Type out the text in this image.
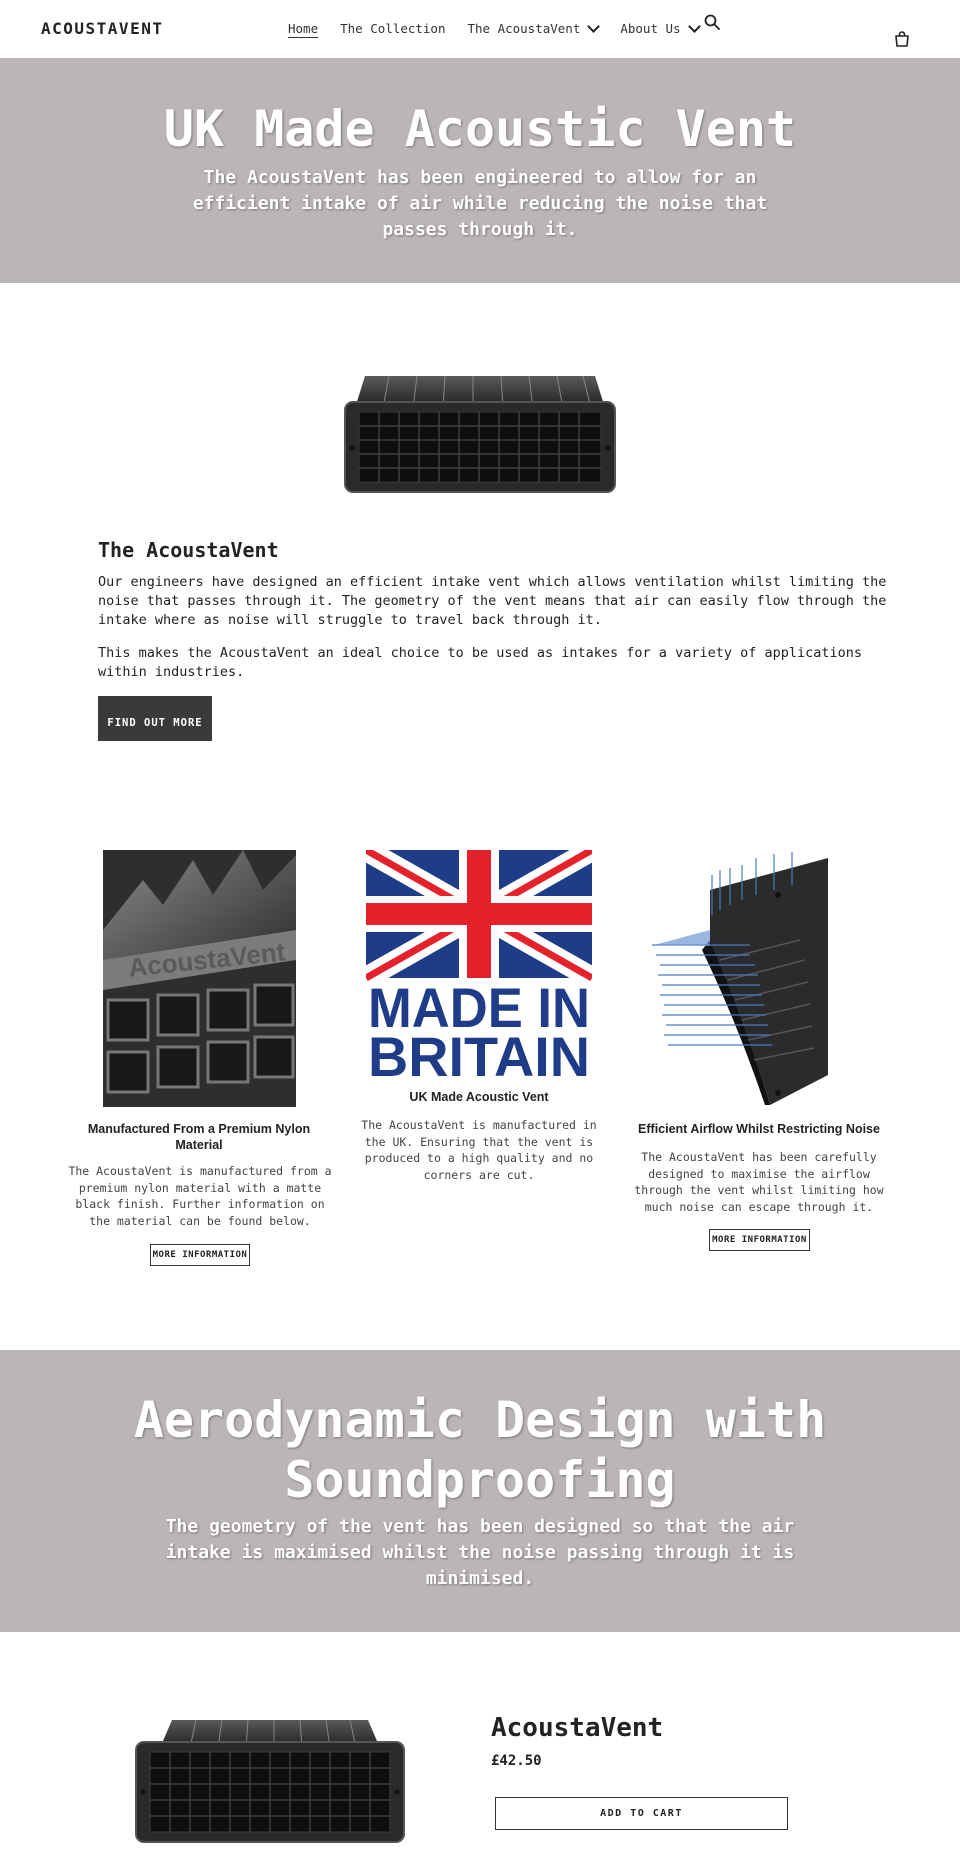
ACOUSTAVENT	Home The Collection The AcoustaVent	About Us
UK Made Acoustic Vent

The AcoustaVent has been engineered to allow for an efficient intake of air while reducing the noise that passes through it.

The AcoustaVent

Our engineers have designed an efficient intake vent which allows ventilation whilst limiting the noise that passes through it. The geometry of the vent means that air can easily flow through the intake where as noise will struggle to travel back through it.

This makes the AcoustaVent an ideal choice to be used as intakes for a variety of applications within industries.

FIND OUT MORE
AcoustaVent
Manufactured From a Premium Nylon Material
The AcoustaVent is manufactured from a premium nylon material with a matte black finish. Further information on the material can be found below.
MORE INFORMATION
MADE IN
BRITAIN
UK Made Acoustic Vent
The AcoustaVent is manufactured in the UK. Ensuring that the vent is produced to a high quality and no corners are cut.
Efficient Airflow Whilst Restricting Noise
The AcoustaVent has been carefully designed to maximise the airflow through the vent whilst limiting how much noise can escape through it.
MORE INFORMATION
Aerodynamic Design with Soundproofing

The geometry of the vent has been designed so that the air intake is maximised whilst the noise passing through it is minimised.

AcoustaVent
£42.50
ADD TO CART
